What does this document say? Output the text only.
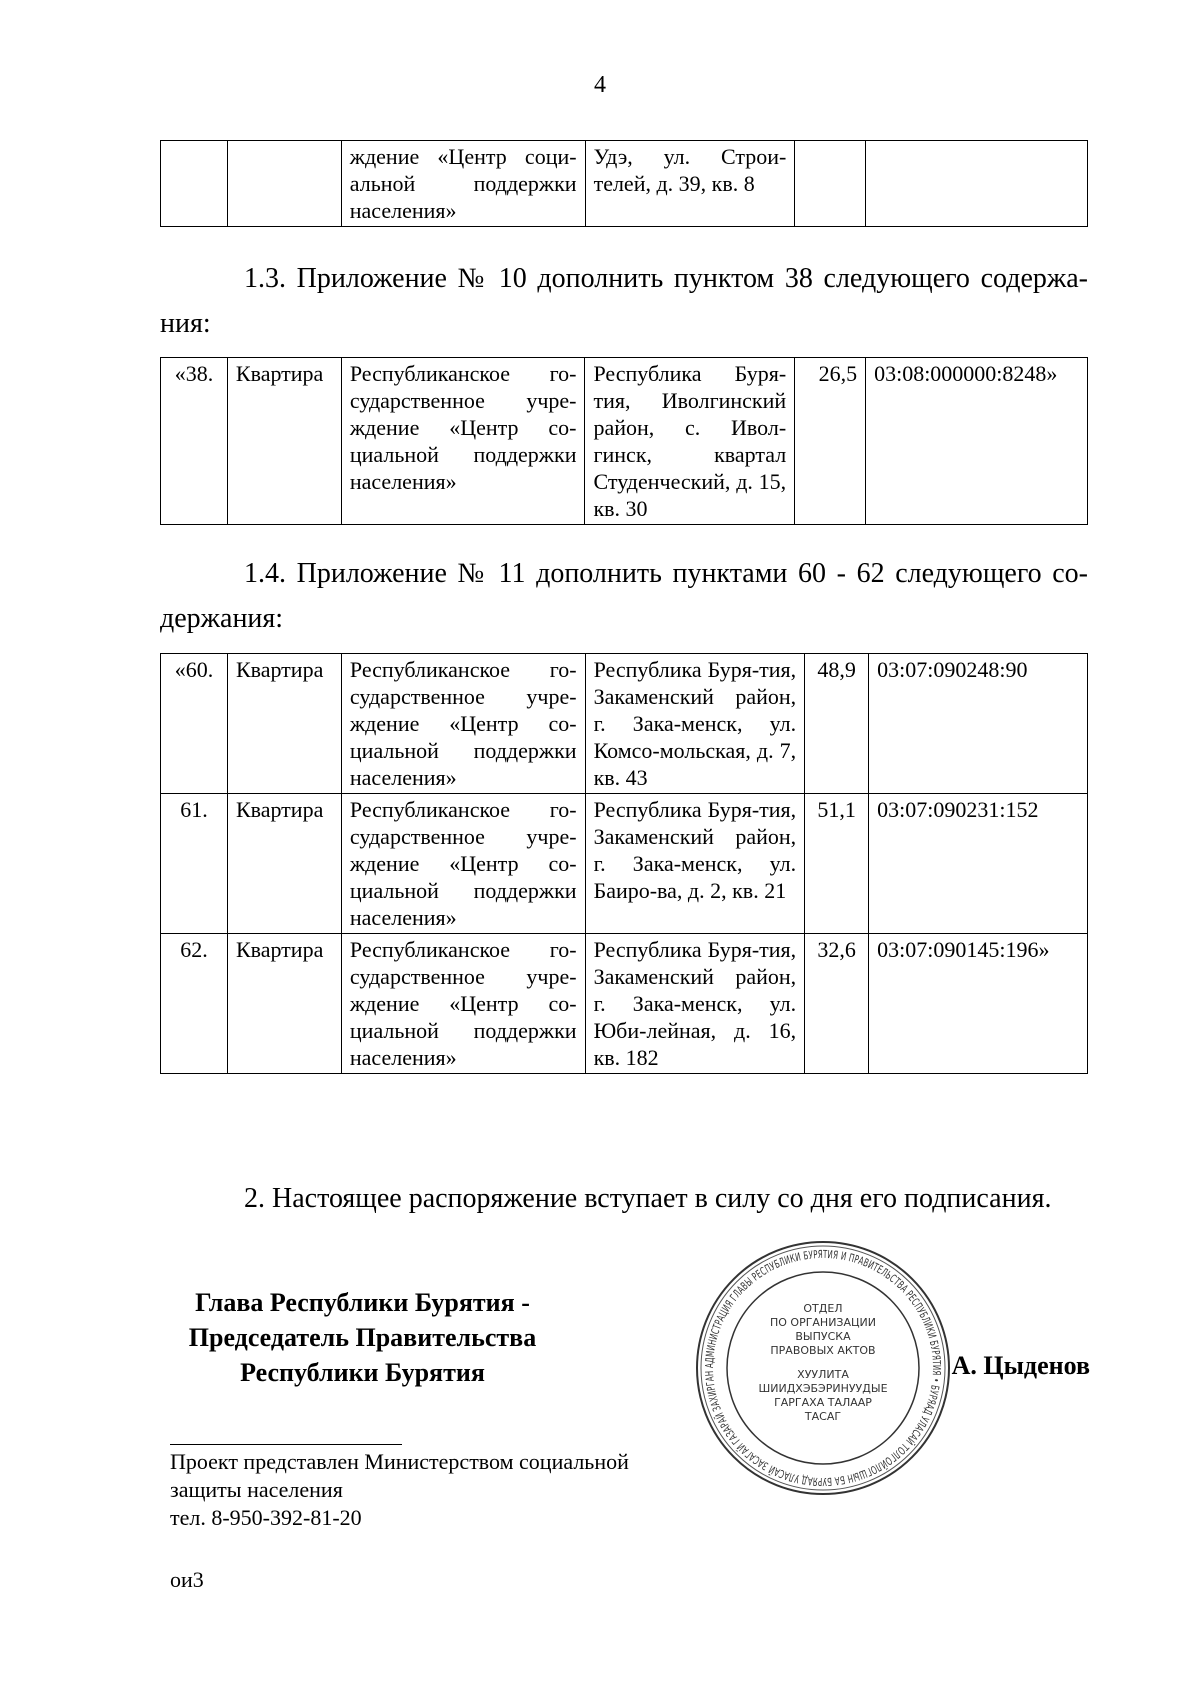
4
		ждение «Центр соци-альной поддержки населения»	Удэ, ул. Строи-телей, д. 39, кв. 8		
1.3. Приложение № 10 дополнить пунктом 38 следующего содержа-ния:
«38.	Квартира	Республиканское го-сударственное учре-ждение «Центр со-циальной поддержки населения»	Республика Буря-тия, Иволгинский район, с. Ивол-гинск, квартал Студенческий, д. 15, кв. 30	26,5	03:08:000000:8248»
1.4. Приложение № 11 дополнить пунктами 60 - 62 следующего со-держания:
«60.	Квартира	Республиканское го-сударственное учре-ждение «Центр со-циальной поддержки населения»	Республика Буря-тия, Закаменский район, г. Зака-менск, ул. Комсо-мольская, д. 7, кв. 43	48,9	03:07:090248:90
61.	Квартира	Республиканское го-сударственное учре-ждение «Центр со-циальной поддержки населения»	Республика Буря-тия, Закаменский район, г. Зака-менск, ул. Баиро-ва, д. 2, кв. 21	51,1	03:07:090231:152
62.	Квартира	Республиканское го-сударственное учре-ждение «Центр со-циальной поддержки населения»	Республика Буря-тия, Закаменский район, г. Зака-менск, ул. Юби-лейная, д. 16, кв. 182	32,6	03:07:090145:196»
2. Настоящее распоряжение вступает в силу со дня его подписания.
Глава Республики Бурятия -
Председатель Правительства
Республики Бурятия	А. Цыденов
АДМИНИСТРАЦИЯ ГЛАВЫ РЕСПУБЛИКИ БУРЯТИЯ И ПРАВИТЕЛЬСТВА РЕСПУБЛИКИ БУРЯТИЯ • БУРЯАД УЛАСАЙ ТОЛГОЙЛОГШЫН БА БУРЯАД УЛАСАЙ ЗАСАГАЙ ГАЗАРАЙ ЗАХИРГАН
ОТДЕЛ
ПО ОРГАНИЗАЦИИ
ВЫПУСКА
ПРАВОВЫХ АКТОВ
ХУУЛИТА
ШИИДХЭБЭРИНУУДЫЕ
ГАРГАХА ТАЛААР
ТАСАГ
Проект представлен Министерством социальной
защиты населения
тел. 8-950-392-81-20
ои3
